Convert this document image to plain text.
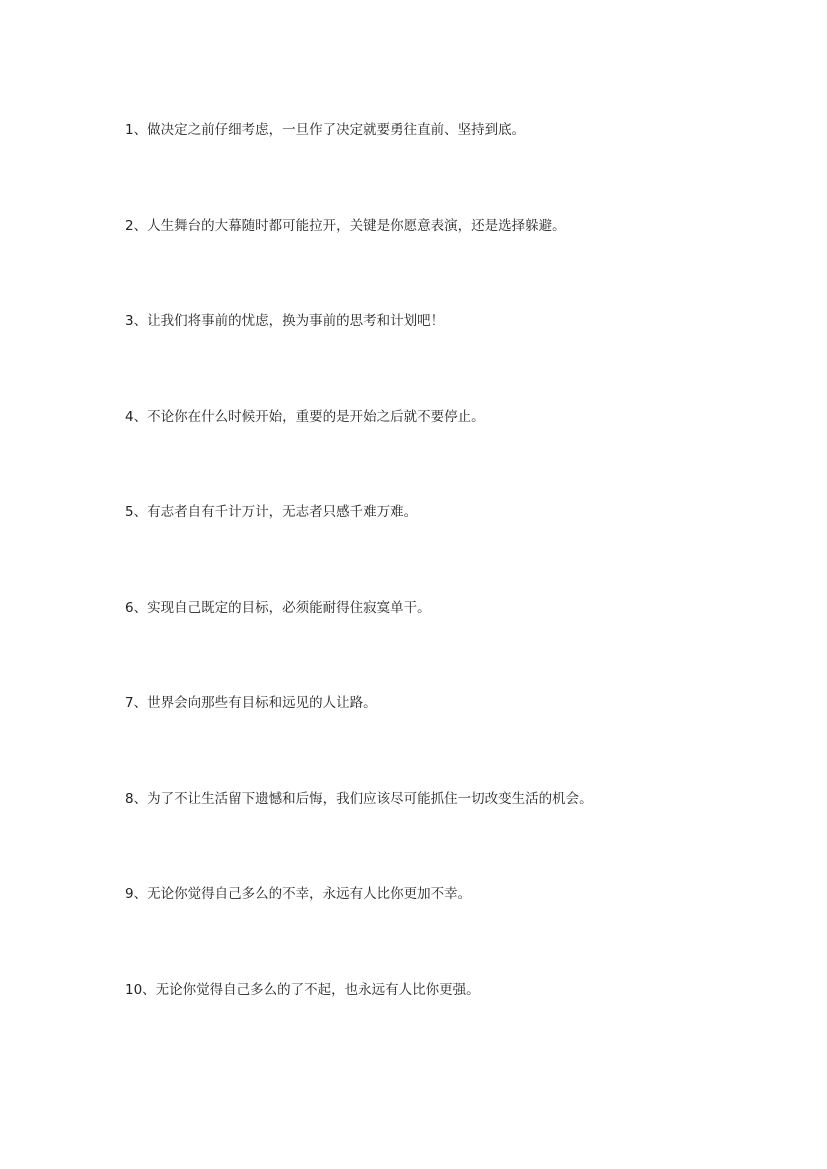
1、做决定之前仔细考虑，一旦作了决定就要勇往直前、坚持到底。
2、人生舞台的大幕随时都可能拉开，关键是你愿意表演，还是选择躲避。
3、让我们将事前的忧虑，换为事前的思考和计划吧！
4、不论你在什么时候开始，重要的是开始之后就不要停止。
5、有志者自有千计万计，无志者只感千难万难。
6、实现自己既定的目标，必须能耐得住寂寞单干。
7、世界会向那些有目标和远见的人让路。
8、为了不让生活留下遗憾和后悔，我们应该尽可能抓住一切改变生活的机会。
9、无论你觉得自己多么的不幸，永远有人比你更加不幸。
10、无论你觉得自己多么的了不起，也永远有人比你更强。
